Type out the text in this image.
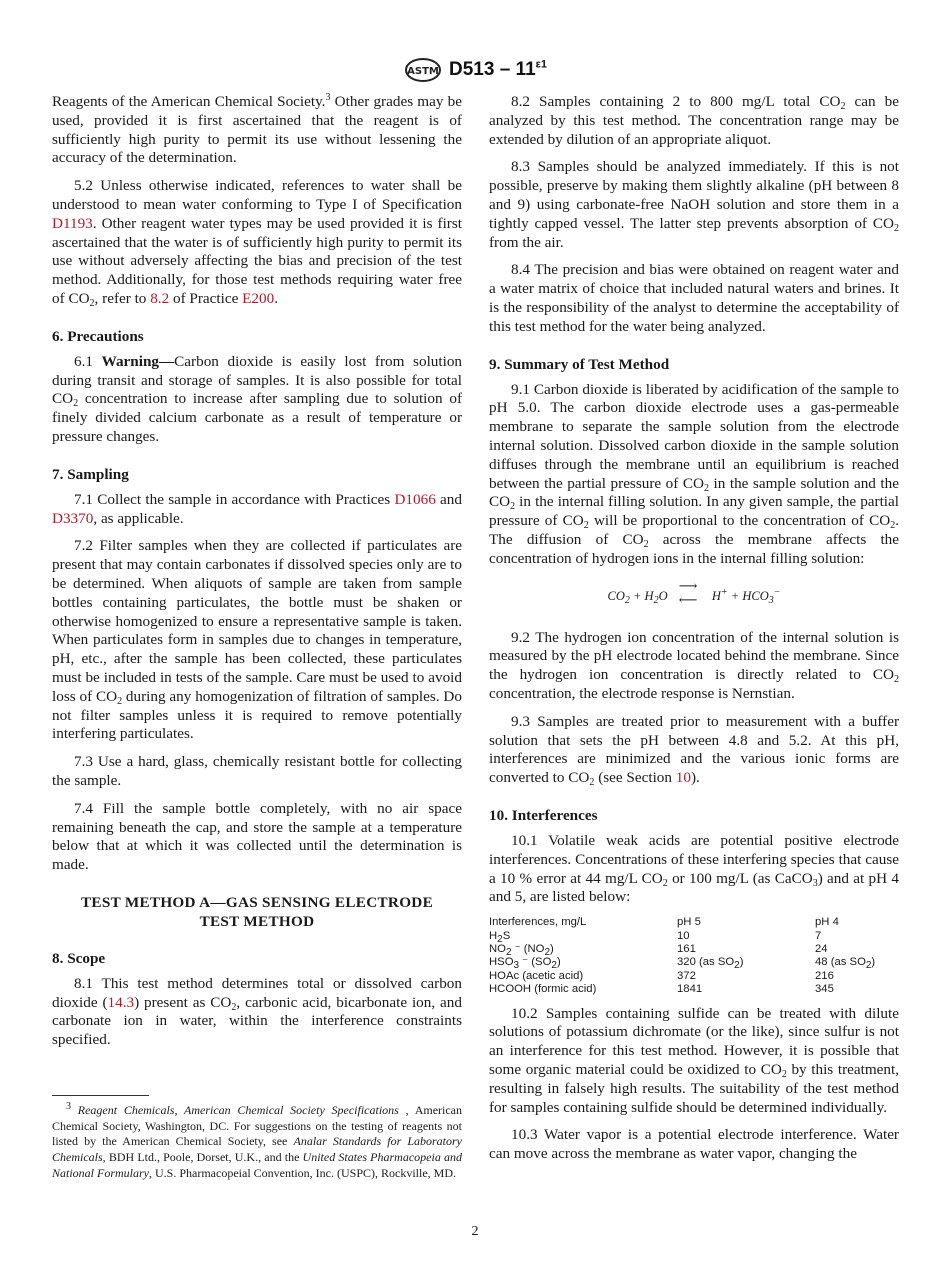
ASTM $D513 - 11^{\varepsilon 1}$

Reagents of the American Chemical Society.$^3$ Other grades may be used, provided it is first ascertained that the reagent is of sufficiently high purity to permit its use without lessening the accuracy of the determination.

5.2 Unless otherwise indicated, references to water shall be understood to mean water conforming to Type I of Specification D1193. Other reagent water types may be used provided it is first ascertained that the water is of sufficiently high purity to permit its use without adversely affecting the bias and precision of the test method. Additionally, for those test methods requiring water free of $CO_2$, refer to 8.2 of Practice E200.

6. Precautions

6.1 Warning—Carbon dioxide is easily lost from solution during transit and storage of samples. It is also possible for total $CO_2$ concentration to increase after sampling due to solution of finely divided calcium carbonate as a result of temperature or pressure changes.

7. Sampling

7.1 Collect the sample in accordance with Practices D1066 and D3370, as applicable.

7.2 Filter samples when they are collected if particulates are present that may contain carbonates if dissolved species only are to be determined. When aliquots of sample are taken from sample bottles containing particulates, the bottle must be shaken or otherwise homogenized to ensure a representative sample is taken. When particulates form in samples due to changes in temperature, pH, etc., after the sample has been collected, these particulates must be included in tests of the sample. Care must be used to avoid loss of $CO_2$ during any homogenization of filtration of samples. Do not filter samples unless it is required to remove potentially interfering particulates.

7.3 Use a hard, glass, chemically resistant bottle for collecting the sample.

7.4 Fill the sample bottle completely, with no air space remaining beneath the cap, and store the sample at a temperature below that at which it was collected until the determination is made.

TEST METHOD A—GAS SENSING ELECTRODE
TEST METHOD
8. Scope

8.1 This test method determines total or dissolved carbon dioxide (14.3) present as $CO_2$, carbonic acid, bicarbonate ion, and carbonate ion in water, within the interference constraints specified.

8.2 Samples containing 2 to 800 mg/L total $CO_2$ can be analyzed by this test method. The concentration range may be extended by dilution of an appropriate aliquot.

8.3 Samples should be analyzed immediately. If this is not possible, preserve by making them slightly alkaline (pH between 8 and 9) using carbonate-free NaOH solution and store them in a tightly capped vessel. The latter step prevents absorption of $CO_2$ from the air.

8.4 The precision and bias were obtained on reagent water and a water matrix of choice that included natural waters and brines. It is the responsibility of the analyst to determine the acceptability of this test method for the water being analyzed.

9. Summary of Test Method

9.1 Carbon dioxide is liberated by acidification of the sample to pH 5.0. The carbon dioxide electrode uses a gas-permeable membrane to separate the sample solution from the electrode internal solution. Dissolved carbon dioxide in the sample solution diffuses through the membrane until an equilibrium is reached between the partial pressure of $CO_2$ in the sample solution and the $CO_2$ in the internal filling solution. In any given sample, the partial pressure of $CO_2$ will be proportional to the concentration of $CO_2$. The diffusion of $CO_2$ across the membrane affects the concentration of hydrogen ions in the internal filling solution:

$CO_2 + H_2O$
⟶
⟵ $H^+ + HCO_3^-$

9.2 The hydrogen ion concentration of the internal solution is measured by the pH electrode located behind the membrane. Since the hydrogen ion concentration is directly related to $CO_2$ concentration, the electrode response is Nernstian.

9.3 Samples are treated prior to measurement with a buffer solution that sets the pH between 4.8 and 5.2. At this pH, interferences are minimized and the various ionic forms are converted to $CO_2$ (see Section 10).

10. Interferences

10.1 Volatile weak acids are potential positive electrode interferences. Concentrations of these interfering species that cause a 10 % error at 44 mg/L $CO_2$ or 100 mg/L (as CaCO$_3$) and at pH 4 and 5, are listed below:

Interferences, mg/L	pH 5	pH 4
$H_2S$	10	7
$NO_2$ ⁻ $(NO_2)$	161	24
$HSO_3$ ⁻ $(SO_2)$	320 (as $SO_2$)	48 (as $SO_2$)
HOAc (acetic acid)	372	216
HCOOH (formic acid)	1841	345

10.2 Samples containing sulfide can be treated with dilute solutions of potassium dichromate (or the like), since sulfur is not an interference for this test method. However, it is possible that some organic material could be oxidized to $CO_2$ by this treatment, resulting in falsely high results. The suitability of the test method for samples containing sulfide should be determined individually.

10.3 Water vapor is a potential electrode interference. Water can move across the membrane as water vapor, changing the

$^3$ Reagent Chemicals, American Chemical Society Specifications , American Chemical Society, Washington, DC. For suggestions on the testing of reagents not listed by the American Chemical Society, see Analar Standards for Laboratory Chemicals, BDH Ltd., Poole, Dorset, U.K., and the United States Pharmacopeia and National Formulary, U.S. Pharmacopeial Convention, Inc. (USPC), Rockville, MD.
2
